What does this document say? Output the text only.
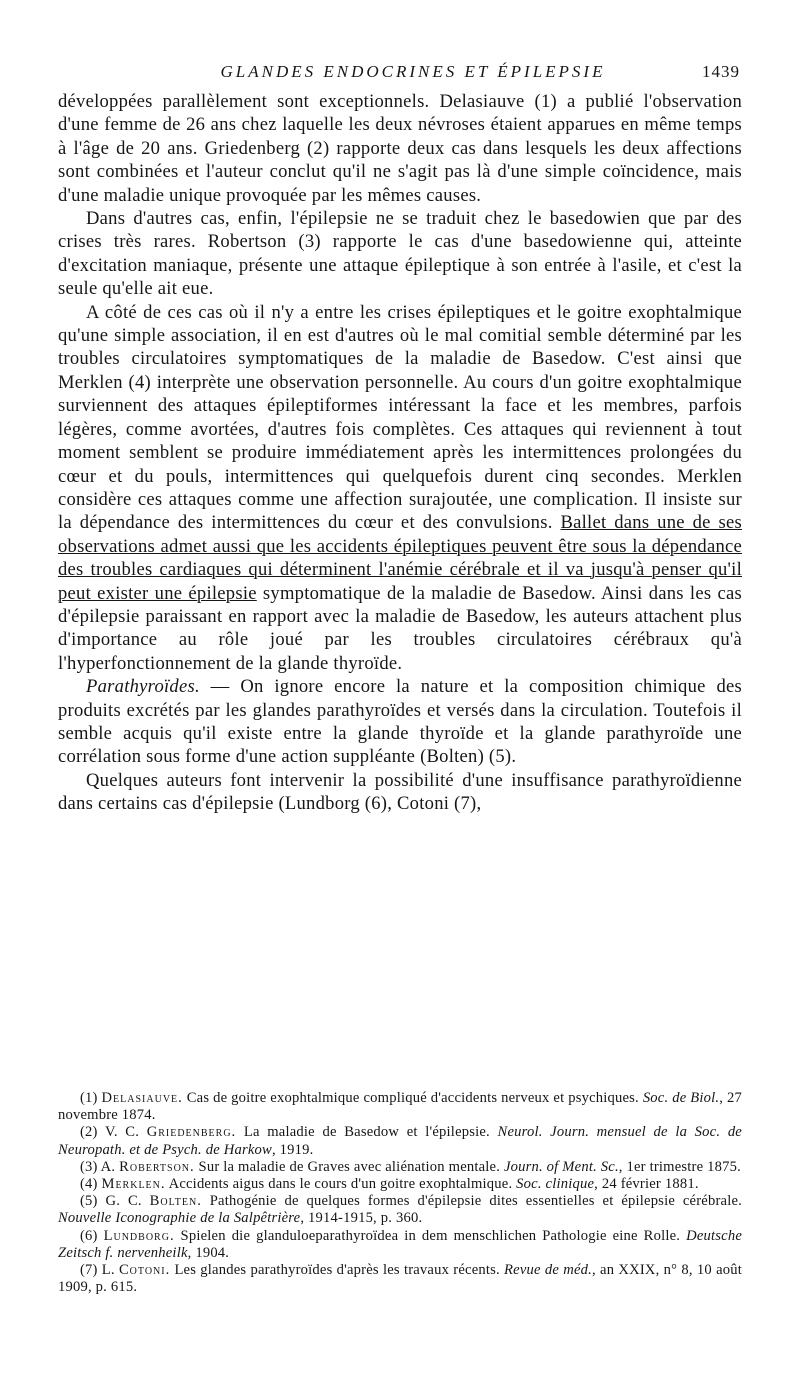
GLANDES ENDOCRINES ET ÉPILEPSIE	1439

développées parallèlement sont exceptionnels. Delasiauve (1) a publié l'observation d'une femme de 26 ans chez laquelle les deux névroses étaient apparues en même temps à l'âge de 20 ans. Griedenberg (2) rapporte deux cas dans lesquels les deux affections sont combinées et l'auteur conclut qu'il ne s'agit pas là d'une simple coïncidence, mais d'une maladie unique provoquée par les mêmes causes.

Dans d'autres cas, enfin, l'épilepsie ne se traduit chez le basedowien que par des crises très rares. Robertson (3) rapporte le cas d'une basedowienne qui, atteinte d'excitation maniaque, présente une attaque épileptique à son entrée à l'asile, et c'est la seule qu'elle ait eue.

A côté de ces cas où il n'y a entre les crises épileptiques et le goitre exophtalmique qu'une simple association, il en est d'autres où le mal comitial semble déterminé par les troubles circulatoires symptomatiques de la maladie de Basedow. C'est ainsi que Merklen (4) interprète une observation personnelle. Au cours d'un goitre exophtalmique surviennent des attaques épileptiformes intéressant la face et les membres, parfois légères, comme avortées, d'autres fois complètes. Ces attaques qui reviennent à tout moment semblent se produire immédiatement après les intermittences prolongées du cœur et du pouls, intermittences qui quelquefois durent cinq secondes. Merklen considère ces attaques comme une affection surajoutée, une complication. Il insiste sur la dépendance des intermittences du cœur et des convulsions. Ballet dans une de ses observations admet aussi que les accidents épileptiques peuvent être sous la dépendance des troubles cardiaques qui déterminent l'anémie cérébrale et il va jusqu'à penser qu'il peut exister une épilepsie symptomatique de la maladie de Basedow. Ainsi dans les cas d'épilepsie paraissant en rapport avec la maladie de Basedow, les auteurs attachent plus d'importance au rôle joué par les troubles circulatoires cérébraux qu'à l'hyperfonctionnement de la glande thyroïde.

Parathyroïdes. — On ignore encore la nature et la composition chimique des produits excrétés par les glandes parathyroïdes et versés dans la circulation. Toutefois il semble acquis qu'il existe entre la glande thyroïde et la glande parathyroïde une corrélation sous forme d'une action suppléante (Bolten) (5).

Quelques auteurs font intervenir la possibilité d'une insuffisance parathyroïdienne dans certains cas d'épilepsie (Lundborg (6), Cotoni (7),

(1) Delasiauve. Cas de goitre exophtalmique compliqué d'accidents nerveux et psychiques. Soc. de Biol., 27 novembre 1874.

(2) V. C. Griedenberg. La maladie de Basedow et l'épilepsie. Neurol. Journ. mensuel de la Soc. de Neuropath. et de Psych. de Harkow, 1919.

(3) A. Robertson. Sur la maladie de Graves avec aliénation mentale. Journ. of Ment. Sc., 1er trimestre 1875.

(4) Merklen. Accidents aigus dans le cours d'un goitre exophtalmique. Soc. clinique, 24 février 1881.

(5) G. C. Bolten. Pathogénie de quelques formes d'épilepsie dites essentielles et épilepsie cérébrale. Nouvelle Iconographie de la Salpêtrière, 1914-1915, p. 360.

(6) Lundborg. Spielen die glanduloeparathyroïdea in dem menschlichen Pathologie eine Rolle. Deutsche Zeitsch f. nervenheilk, 1904.

(7) L. Cotoni. Les glandes parathyroïdes d'après les travaux récents. Revue de méd., an XXIX, n° 8, 10 août 1909, p. 615.
